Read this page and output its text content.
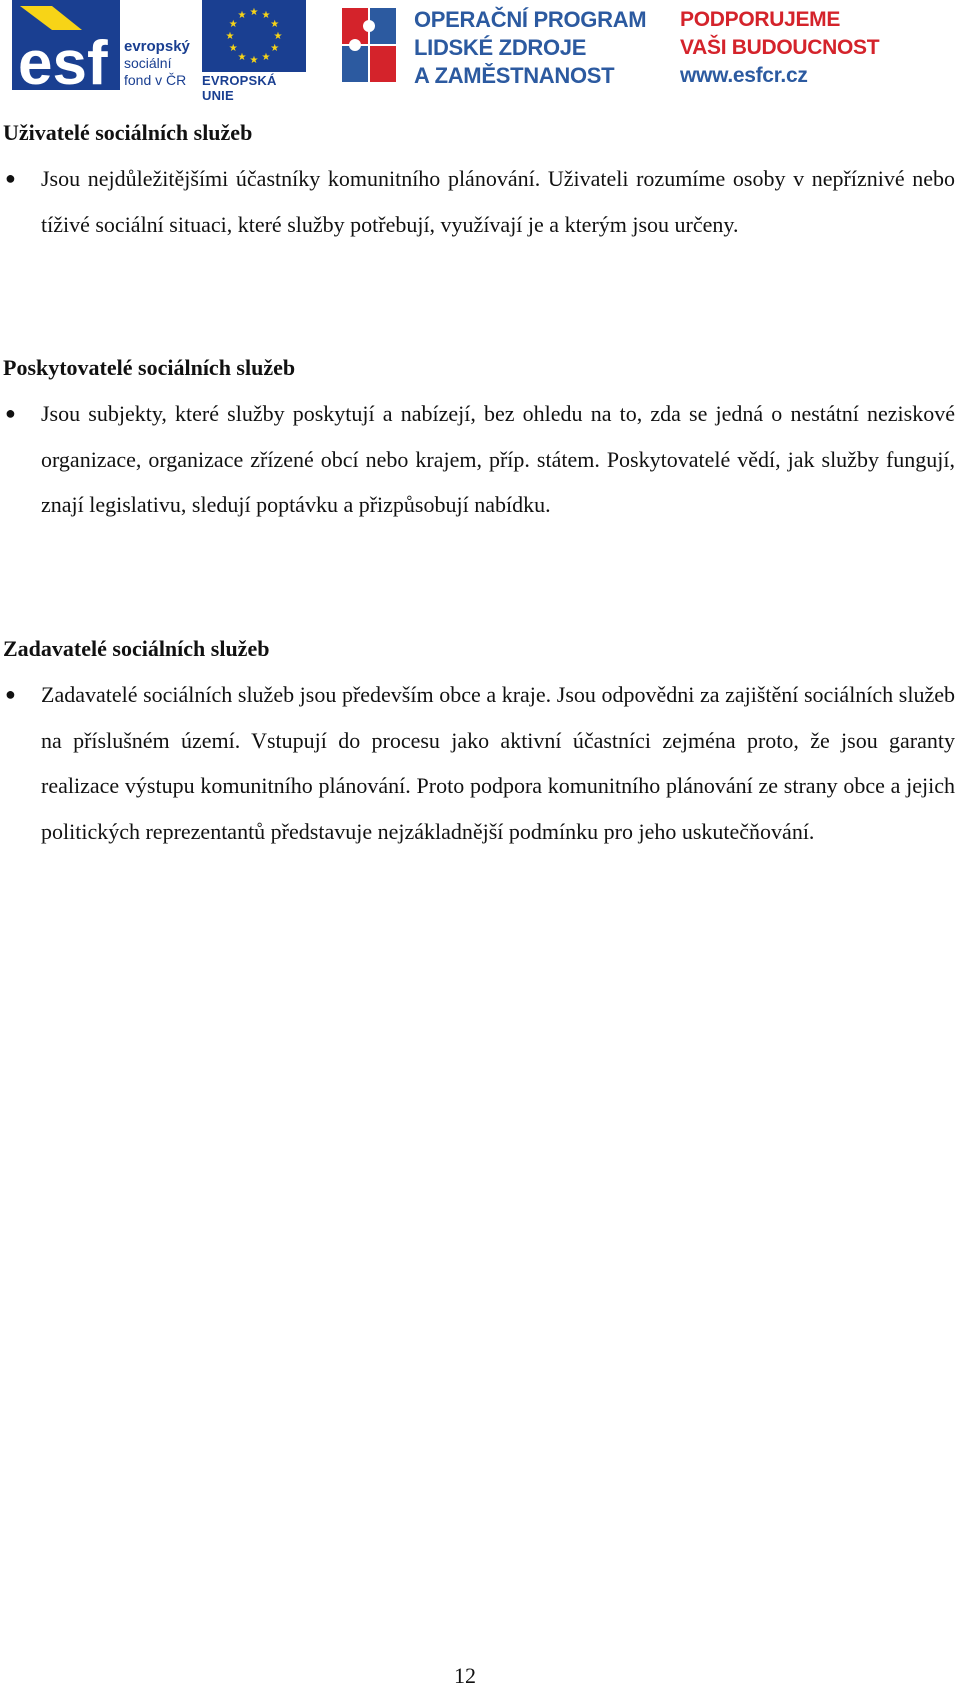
esf evropský
sociální
fond v ČR
★
★
★
★
★
★
★
★
★ ★ ★
★
EVROPSKÁ UNIE
OPERAČNÍ PROGRAM
LIDSKÉ ZDROJE
A ZAMĚSTNANOST
PODPORUJEME
VAŠI BUDOUCNOST
www.esfcr.cz

Uživatelé sociálních služeb

● Jsou nejdůležitějšími účastníky komunitního plánování. Uživateli rozumíme osoby v nepříznivé nebo tíživé sociální situaci, které služby potřebují, využívají je a kterým jsou určeny.

Poskytovatelé sociálních služeb

● Jsou subjekty, které služby poskytují a nabízejí, bez ohledu na to, zda se jedná o nestátní neziskové organizace, organizace zřízené obcí nebo krajem, příp. státem. Poskytovatelé vědí, jak služby fungují, znají legislativu, sledují poptávku a přizpůsobují nabídku.

Zadavatelé sociálních služeb

● Zadavatelé sociálních služeb jsou především obce a kraje. Jsou odpovědni za zajištění sociálních služeb na příslušném území. Vstupují do procesu jako aktivní účastníci zejména proto, že jsou garanty realizace výstupu komunitního plánování. Proto podpora komunitního plánování ze strany obce a jejich politických reprezentantů představuje nejzákladnější podmínku pro jeho uskutečňování.
12
